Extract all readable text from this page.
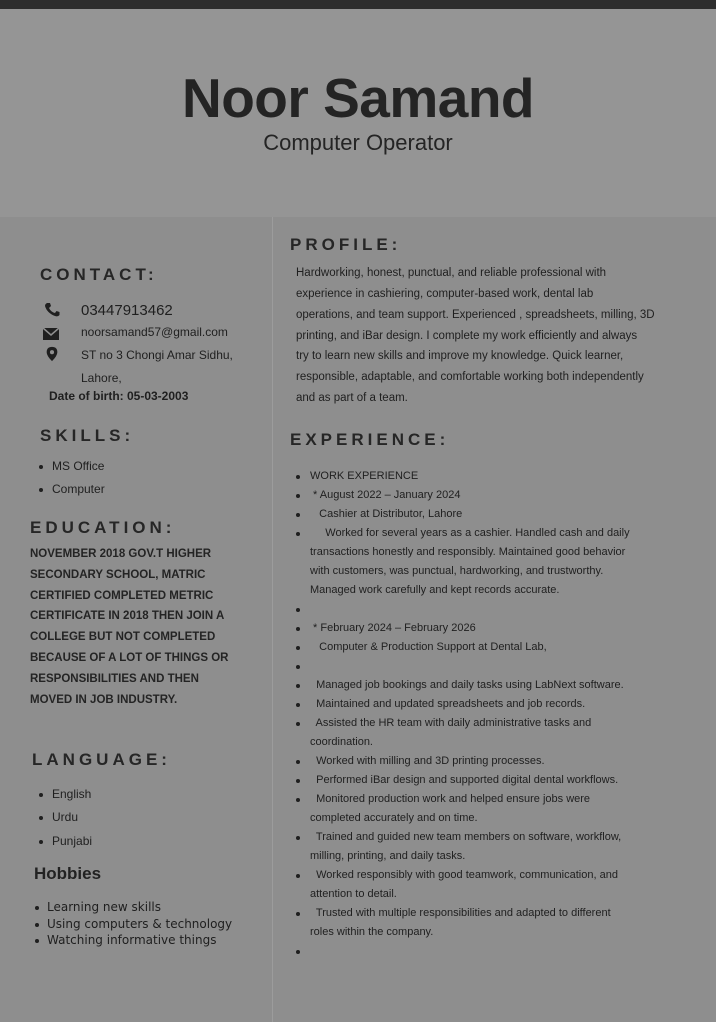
Noor Samand
Computer Operator
CONTACT:
03447913462
noorsamand57@gmail.com
ST no 3 Chongi Amar Sidhu,
Lahore,
Date of birth: 05-03-2003
SKILLS:
MS Office
Computer
EDUCATION:
NOVEMBER 2018 GOV.T HIGHER
SECONDARY SCHOOL, MATRIC
CERTIFIED COMPLETED METRIC
CERTIFICATE IN 2018 THEN JOIN A
COLLEGE BUT NOT COMPLETED
BECAUSE OF A LOT OF THINGS OR
RESPONSIBILITIES AND THEN
MOVED IN JOB INDUSTRY.
LANGUAGE:
English
Urdu
Punjabi
Hobbies
Learning new skills
Using computers & technology
Watching informative things
PROFILE:
Hardworking, honest, punctual, and reliable professional with
experience in cashiering, computer-based work, dental lab
operations, and team support. Experienced , spreadsheets, milling, 3D
printing, and iBar design. I complete my work efficiently and always
try to learn new skills and improve my knowledge. Quick learner,
responsible, adaptable, and comfortable working both independently
and as part of a team.
EXPERIENCE:
WORK EXPERIENCE
* August 2022 – January 2024
Cashier at Distributor, Lahore
Worked for several years as a cashier. Handled cash and daily
transactions honestly and responsibly. Maintained good behavior
with customers, was punctual, hardworking, and trustworthy.
Managed work carefully and kept records accurate.
* February 2024 – February 2026
Computer & Production Support at Dental Lab,
Managed job bookings and daily tasks using LabNext software.
Maintained and updated spreadsheets and job records.
Assisted the HR team with daily administrative tasks and
coordination.
Worked with milling and 3D printing processes.
Performed iBar design and supported digital dental workflows.
Monitored production work and helped ensure jobs were
completed accurately and on time.
Trained and guided new team members on software, workflow,
milling, printing, and daily tasks.
Worked responsibly with good teamwork, communication, and
attention to detail.
Trusted with multiple responsibilities and adapted to different
roles within the company.
